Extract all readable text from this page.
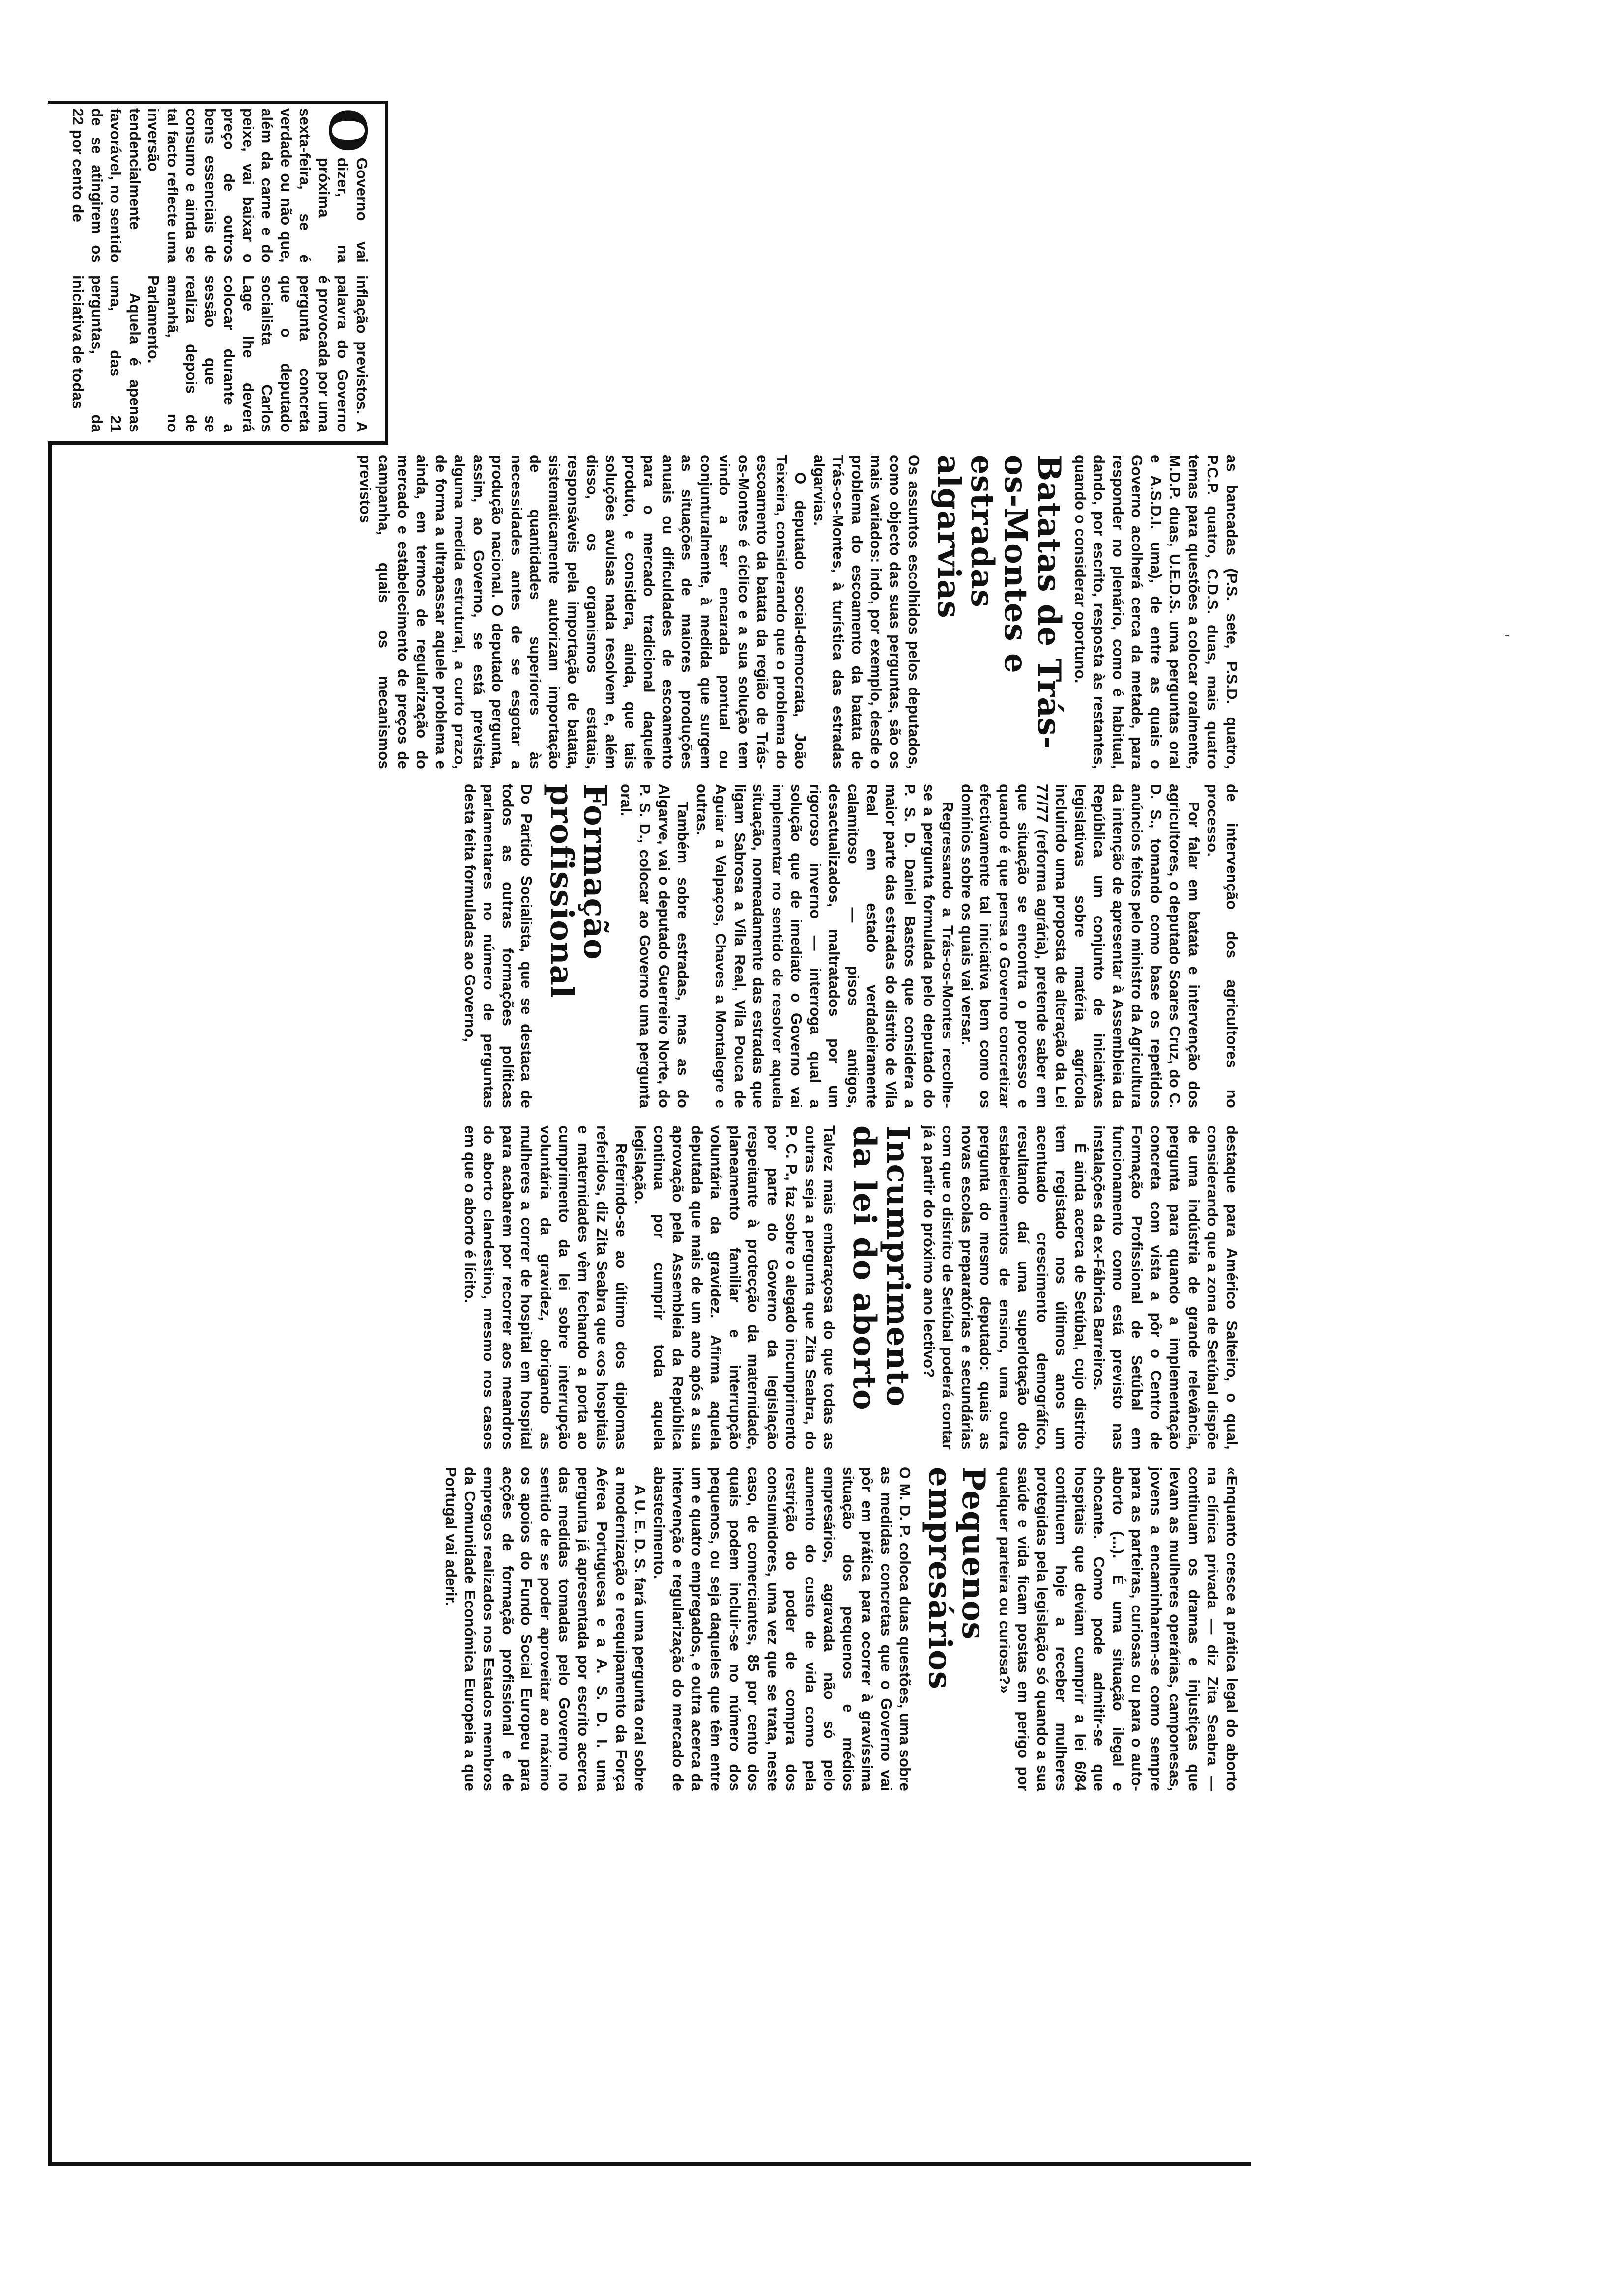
O

Governo vai dizer, na próxima sexta-feira, se é verdade ou não que, além da carne e do peixe, vai baixar o preço de outros bens essenciais de consumo e ainda se tal facto reflecte uma inversão tendencialmente favorável, no sentido de se atingirem os 22 por cento de

inflação previstos. A palavra do Governo é provocada por uma pergunta concreta que o deputado socialista Carlos Lage lhe deverá colocar durante a sessão que se realiza depois de amanhã, no Parlamento.

Aquela é apenas uma, das 21 perguntas, da iniciativa de todas

as bancadas (P.S. sete, P.S.D. quatro, P.C.P. quatro, C.D.S. duas, mais quatro temas para questões a colocar oralmente, M.D.P. duas, U.E.D.S. uma perguntas oral e A.S.D.I. uma), de entre as quais o Governo acolherá cerca da metade, para responder no plenário, como é habitual, dando, por escrito, resposta às restantes, quando o considerar oportuno.

Batatas de Trás-os-Montes e estradas algarvias

Os assuntos escolhidos pelos deputados, como objecto das suas perguntas, são os mais variados: indo, por exemplo, desde o problema do escoamento da batata de Trás-os-Montes, à turística das estradas algarvias.

O deputado social-democrata, João Teixeira, considerando que o problema do escoamento da batata da região de Trás-os-Montes é cíclico e a sua solução tem vindo a ser encarada pontual ou conjunturalmente, à medida que surgem as situações de maiores produções anuais ou dificuldades de escoamento para o mercado tradicional daquele produto, e considera, ainda, que tais soluções avulsas nada resolvem e, além disso, os organismos estatais, responsáveis pela importação de batata, sistematicamente autorizam importação de quantidades superiores às necessidades antes de se esgotar a produção nacional. O deputado pergunta, assim, ao Governo, se está prevista alguma medida estrutural, a curto prazo, de forma a ultrapassar aquele problema e ainda, em termos de regularização do mercado e estabelecimento de preços de campanha, quais os mecanismos previstos

de intervenção dos agricultores no processo.

Por falar em batata e intervenção dos agricultores, o deputado Soares Cruz, do C. D. S., tomando como base os repetidos anúncios feitos pelo ministro da Agricultura da intenção de apresentar à Assembleia da República um conjunto de iniciativas legislativas sobre matéria agrícola incluindo uma proposta de alteração da Lei 77/77 (reforma agrária), pretende saber em que situação se encontra o processo e quando é que pensa o Governo concretizar efectivamente tal iniciativa bem como os domínios sobre os quais vai versar.

Regressando a Trás-os-Montes recolhe-se a pergunta formulada pelo deputado do P. S. D. Daniel Bastos que considera a maior parte das estradas do distrito de Vila Real em estado verdadeiramente calamitoso — pisos antigos, desactualizados, maltratados por um rigoroso inverno — interroga qual a solução que de imediato o Governo vai implementar no sentido de resolver aquela situação, nomeadamente das estradas que ligam Sabrosa a Vila Real, Vila Pouca de Aguiar a Valpaços, Chaves a Montalegre e outras.

Também sobre estradas, mas as do Algarve, vai o deputado Guerreiro Norte, do P. S. D., colocar ao Governo uma pergunta oral.

Formação profissional

Do Partido Socialista, que se destaca de todos as outras formações políticas parlamentares no número de perguntas desta feita formuladas ao Governo,

destaque para Américo Salteiro, o qual, considerando que a zona de Setúbal dispõe de uma indústria de grande relevância, pergunta para quando a implementação concreta com vista a pôr o Centro de Formação Profissional de Setúbal em funcionamento como está previsto nas instalações da ex-Fábrica Barreiros.

É ainda acerca de Setúbal, cujo distrito tem registado nos últimos anos um acentuado crescimento demográfico, resultando daí uma superlotação dos estabelecimentos de ensino, uma outra pergunta do mesmo deputado: quais as novas escolas preparatórias e secundárias com que o distrito de Setúbal poderá contar já a partir do próximo ano lectivo?

Incumprimento da lei do aborto

Talvez mais embaraçosa do que todas as outras seja a pergunta que Zita Seabra, do P. C. P., faz sobre o alegado incumprimento por parte do Governo da legislação respeitante à protecção da maternidade, planeamento familiar e interrupção voluntária da gravidez. Afirma aquela deputada que mais de um ano após a sua aprovação pela Assembleia da República continua por cumprir toda aquela legislação.

Referindo-se ao último dos diplomas referidos, diz Zita Seabra que «os hospitais e maternidades vêm fechando a porta ao cumprimento da lei sobre interrupção voluntária da gravidez, obrigando as mulheres a correr de hospital em hospital para acabarem por recorrer aos meandros do aborto clandestino, mesmo nos casos em que o aborto é lícito.

«Enquanto cresce a prática legal do aborto na clínica privada — diz Zita Seabra — continuam os dramas e injustiças que levam as mulheres operárias, camponesas, jovens a encaminharem-se como sempre para as parteiras, curiosas ou para o auto-aborto (...). É uma situação ilegal e chocante. Como pode admitir-se que hospitais que deviam cumprir a lei 6/84 continuem hoje a receber mulheres protegidas pela legislação só quando a sua saúde e vida ficam postas em perigo por qualquer parteira ou curiosa?»

Pequenos empresários

O M. D. P. coloca duas questões, uma sobre as medidas concretas que o Governo vai pôr em prática para ocorrer à gravíssima situação dos pequenos e médios empresários, agravada não só pelo aumento do custo de vida como pela restrição do poder de compra dos consumidores, uma vez que se trata, neste caso, de comerciantes, 85 por cento dos quais podem incluir-se no número dos pequenos, ou seja daqueles que têm entre um e quatro empregados, e outra acerca da intervenção e regularização do mercado de abastecimento.

A U. E. D. S. fará uma pergunta oral sobre a modernização e reequipamento da Força Aérea Portuguesa e a A. S. D. I. uma pergunta já apresentada por escrito acerca das medidas tomadas pelo Governo no sentido de se poder aproveitar ao máximo os apoios do Fundo Social Europeu para acções de formação profissional e de empregos realizados nos Estados membros da Comunidade Económica Europeia a que Portugal vai aderir.
